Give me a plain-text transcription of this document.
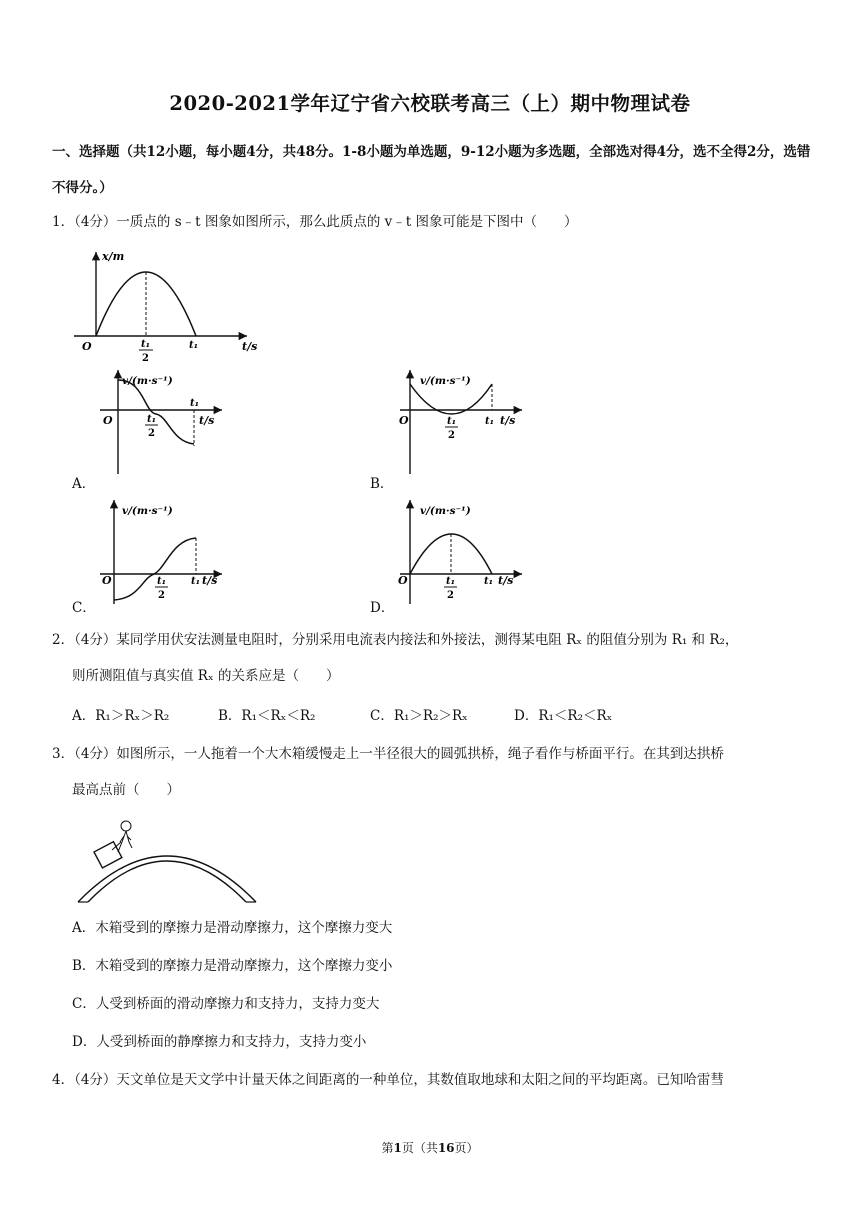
2020-2021学年辽宁省六校联考高三（上）期中物理试卷
一、选择题（共12小题，每小题4分，共48分。1-8小题为单选题，9-12小题为多选题，全部选对得4分，选不全得2分，选错不得分。）
1．（4分）一质点的 s﹣t 图象如图所示，那么此质点的 v﹣t 图象可能是下图中（　　）
x/m
O	t₁
2
t₁	t/s
v/(m·s⁻¹)
O	t₁
2
t₁
t/s
A．
v/(m·s⁻¹)
O	t₁
2
t₁ t/s
B．
v/(m·s⁻¹)
O	t₁
2
t₁ t/s
C．
v/(m·s⁻¹)
O	t₁
2
t₁ t/s
D．
2．（4分）某同学用伏安法测量电阻时，分别采用电流表内接法和外接法，测得某电阻 Rₓ 的阻值分别为 R₁ 和 R₂，
则所测阻值与真实值 Rₓ 的关系应是（　　）
A．R₁＞Rₓ＞R₂	B．R₁＜Rₓ＜R₂	C．R₁＞R₂＞Rₓ	D．R₁＜R₂＜Rₓ
3．（4分）如图所示，一人拖着一个大木箱缓慢走上一半径很大的圆弧拱桥，绳子看作与桥面平行。在其到达拱桥
最高点前（　　）
A．木箱受到的摩擦力是滑动摩擦力，这个摩擦力变大
B．木箱受到的摩擦力是滑动摩擦力，这个摩擦力变小
C．人受到桥面的滑动摩擦力和支持力，支持力变大
D．人受到桥面的静摩擦力和支持力，支持力变小
4．（4分）天文单位是天文学中计量天体之间距离的一种单位，其数值取地球和太阳之间的平均距离。已知哈雷彗
第1页（共16页）
